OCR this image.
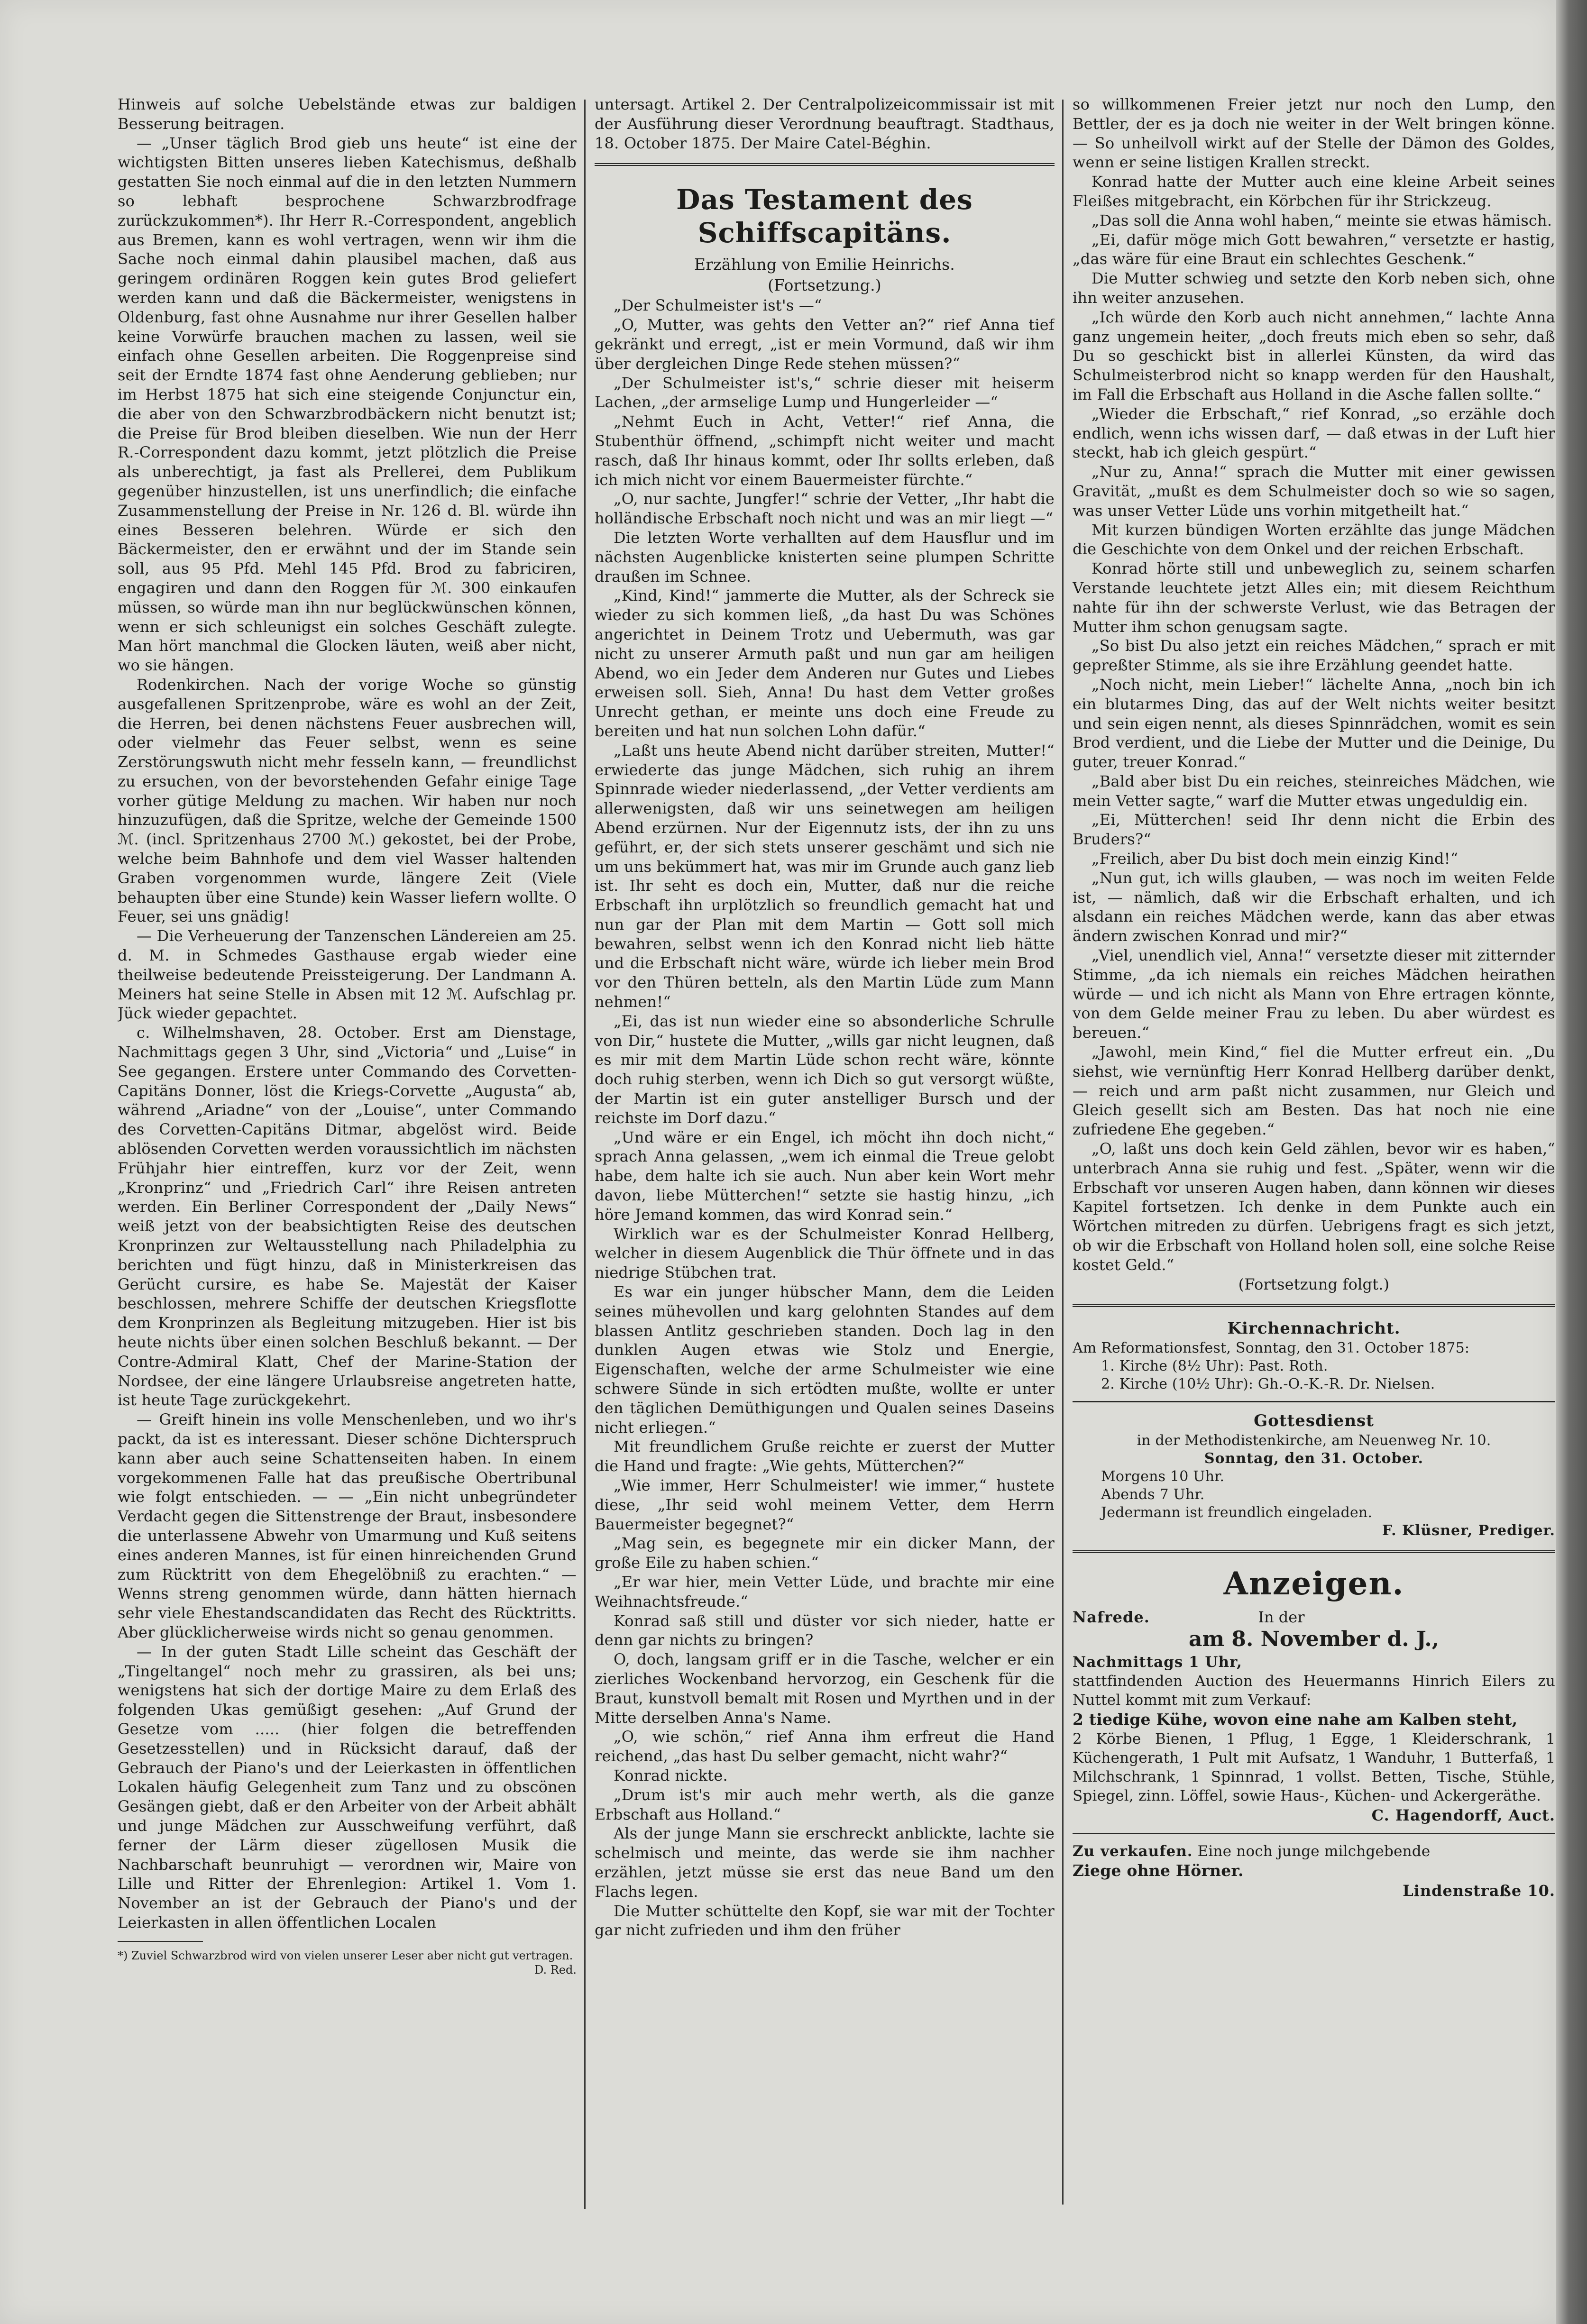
Hinweis auf solche Uebelstände etwas zur baldigen Besserung beitragen.

— „Unser täglich Brod gieb uns heute“ ist eine der wichtigsten Bitten unseres lieben Katechismus, deßhalb gestatten Sie noch einmal auf die in den letzten Nummern so lebhaft besprochene Schwarzbrodfrage zurückzukommen*). Ihr Herr R.-Correspondent, angeblich aus Bremen, kann es wohl vertragen, wenn wir ihm die Sache noch einmal dahin plausibel machen, daß aus geringem ordinären Roggen kein gutes Brod geliefert werden kann und daß die Bäckermeister, wenigstens in Oldenburg, fast ohne Ausnahme nur ihrer Gesellen halber keine Vorwürfe brauchen machen zu lassen, weil sie einfach ohne Gesellen arbeiten. Die Roggenpreise sind seit der Erndte 1874 fast ohne Aenderung geblieben; nur im Herbst 1875 hat sich eine steigende Conjunctur ein, die aber von den Schwarzbrodbäckern nicht benutzt ist; die Preise für Brod bleiben dieselben. Wie nun der Herr R.-Correspondent dazu kommt, jetzt plötzlich die Preise als unberechtigt, ja fast als Prellerei, dem Publikum gegenüber hinzustellen, ist uns unerfindlich; die einfache Zusammenstellung der Preise in Nr. 126 d. Bl. würde ihn eines Besseren belehren. Würde er sich den Bäckermeister, den er erwähnt und der im Stande sein soll, aus 95 Pfd. Mehl 145 Pfd. Brod zu fabriciren, engagiren und dann den Roggen für ℳ. 300 einkaufen müssen, so würde man ihn nur beglückwünschen können, wenn er sich schleunigst ein solches Geschäft zulegte. Man hört manchmal die Glocken läuten, weiß aber nicht, wo sie hängen.

Rodenkirchen. Nach der vorige Woche so günstig ausgefallenen Spritzenprobe, wäre es wohl an der Zeit, die Herren, bei denen nächstens Feuer ausbrechen will, oder vielmehr das Feuer selbst, wenn es seine Zerstörungswuth nicht mehr fesseln kann, — freundlichst zu ersuchen, von der bevorstehenden Gefahr einige Tage vorher gütige Meldung zu machen. Wir haben nur noch hinzuzufügen, daß die Spritze, welche der Gemeinde 1500 ℳ. (incl. Spritzenhaus 2700 ℳ.) gekostet, bei der Probe, welche beim Bahnhofe und dem viel Wasser haltenden Graben vorgenommen wurde, längere Zeit (Viele behaupten über eine Stunde) kein Wasser liefern wollte. O Feuer, sei uns gnädig!

— Die Verheuerung der Tanzenschen Ländereien am 25. d. M. in Schmedes Gasthause ergab wieder eine theilweise bedeutende Preissteigerung. Der Landmann A. Meiners hat seine Stelle in Absen mit 12 ℳ. Aufschlag pr. Jück wieder gepachtet.

c. Wilhelmshaven, 28. October. Erst am Dienstage, Nachmittags gegen 3 Uhr, sind „Victoria“ und „Luise“ in See gegangen. Erstere unter Commando des Corvetten-Capitäns Donner, löst die Kriegs-Corvette „Augusta“ ab, während „Ariadne“ von der „Louise“, unter Commando des Corvetten-Capitäns Ditmar, abgelöst wird. Beide ablösenden Corvetten werden voraussichtlich im nächsten Frühjahr hier eintreffen, kurz vor der Zeit, wenn „Kronprinz“ und „Friedrich Carl“ ihre Reisen antreten werden. Ein Berliner Correspondent der „Daily News“ weiß jetzt von der beabsichtigten Reise des deutschen Kronprinzen zur Weltausstellung nach Philadelphia zu berichten und fügt hinzu, daß in Ministerkreisen das Gerücht cursire, es habe Se. Majestät der Kaiser beschlossen, mehrere Schiffe der deutschen Kriegsflotte dem Kronprinzen als Begleitung mitzugeben. Hier ist bis heute nichts über einen solchen Beschluß bekannt. — Der Contre-Admiral Klatt, Chef der Marine-Station der Nordsee, der eine längere Urlaubsreise angetreten hatte, ist heute Tage zurückgekehrt.

— Greift hinein ins volle Menschenleben, und wo ihr's packt, da ist es interessant. Dieser schöne Dichterspruch kann aber auch seine Schattenseiten haben. In einem vorgekommenen Falle hat das preußische Obertribunal wie folgt entschieden. — — „Ein nicht unbegründeter Verdacht gegen die Sittenstrenge der Braut, insbesondere die unterlassene Abwehr von Umarmung und Kuß seitens eines anderen Mannes, ist für einen hinreichenden Grund zum Rücktritt von dem Ehegelöbniß zu erachten.“ — Wenns streng genommen würde, dann hätten hiernach sehr viele Ehestandscandidaten das Recht des Rücktritts. Aber glücklicherweise wirds nicht so genau genommen.

— In der guten Stadt Lille scheint das Geschäft der „Tingeltangel“ noch mehr zu grassiren, als bei uns; wenigstens hat sich der dortige Maire zu dem Erlaß des folgenden Ukas gemüßigt gesehen: „Auf Grund der Gesetze vom ..... (hier folgen die betreffenden Gesetzesstellen) und in Rücksicht darauf, daß der Gebrauch der Piano's und der Leierkasten in öffentlichen Lokalen häufig Gelegenheit zum Tanz und zu obscönen Gesängen giebt, daß er den Arbeiter von der Arbeit abhält und junge Mädchen zur Ausschweifung verführt, daß ferner der Lärm dieser zügellosen Musik die Nachbarschaft beunruhigt — verordnen wir, Maire von Lille und Ritter der Ehrenlegion: Artikel 1. Vom 1. November an ist der Gebrauch der Piano's und der Leierkasten in allen öffentlichen Localen

*) Zuviel Schwarzbrod wird von vielen unserer Leser aber nicht gut vertragen.
D. Red.

untersagt. Artikel 2. Der Centralpolizeicommissair ist mit der Ausführung dieser Verordnung beauftragt. Stadthaus, 18. October 1875. Der Maire Catel-Béghin.

Das Testament des Schiffscapitäns.

Erzählung von Emilie Heinrichs.

(Fortsetzung.)

„Der Schulmeister ist's —“

„O, Mutter, was gehts den Vetter an?“ rief Anna tief gekränkt und erregt, „ist er mein Vormund, daß wir ihm über dergleichen Dinge Rede stehen müssen?“

„Der Schulmeister ist's,“ schrie dieser mit heiserm Lachen, „der armselige Lump und Hungerleider —“

„Nehmt Euch in Acht, Vetter!“ rief Anna, die Stubenthür öffnend, „schimpft nicht weiter und macht rasch, daß Ihr hinaus kommt, oder Ihr sollts erleben, daß ich mich nicht vor einem Bauermeister fürchte.“

„O, nur sachte, Jungfer!“ schrie der Vetter, „Ihr habt die holländische Erbschaft noch nicht und was an mir liegt —“

Die letzten Worte verhallten auf dem Hausflur und im nächsten Augenblicke knisterten seine plumpen Schritte draußen im Schnee.

„Kind, Kind!“ jammerte die Mutter, als der Schreck sie wieder zu sich kommen ließ, „da hast Du was Schönes angerichtet in Deinem Trotz und Uebermuth, was gar nicht zu unserer Armuth paßt und nun gar am heiligen Abend, wo ein Jeder dem Anderen nur Gutes und Liebes erweisen soll. Sieh, Anna! Du hast dem Vetter großes Unrecht gethan, er meinte uns doch eine Freude zu bereiten und hat nun solchen Lohn dafür.“

„Laßt uns heute Abend nicht darüber streiten, Mutter!“ erwiederte das junge Mädchen, sich ruhig an ihrem Spinnrade wieder niederlassend, „der Vetter verdients am allerwenigsten, daß wir uns seinetwegen am heiligen Abend erzürnen. Nur der Eigennutz ists, der ihn zu uns geführt, er, der sich stets unserer geschämt und sich nie um uns bekümmert hat, was mir im Grunde auch ganz lieb ist. Ihr seht es doch ein, Mutter, daß nur die reiche Erbschaft ihn urplötzlich so freundlich gemacht hat und nun gar der Plan mit dem Martin — Gott soll mich bewahren, selbst wenn ich den Konrad nicht lieb hätte und die Erbschaft nicht wäre, würde ich lieber mein Brod vor den Thüren betteln, als den Martin Lüde zum Mann nehmen!“

„Ei, das ist nun wieder eine so absonderliche Schrulle von Dir,“ hustete die Mutter, „wills gar nicht leugnen, daß es mir mit dem Martin Lüde schon recht wäre, könnte doch ruhig sterben, wenn ich Dich so gut versorgt wüßte, der Martin ist ein guter anstelliger Bursch und der reichste im Dorf dazu.“

„Und wäre er ein Engel, ich möcht ihn doch nicht,“ sprach Anna gelassen, „wem ich einmal die Treue gelobt habe, dem halte ich sie auch. Nun aber kein Wort mehr davon, liebe Mütterchen!“ setzte sie hastig hinzu, „ich höre Jemand kommen, das wird Konrad sein.“

Wirklich war es der Schulmeister Konrad Hellberg, welcher in diesem Augenblick die Thür öffnete und in das niedrige Stübchen trat.

Es war ein junger hübscher Mann, dem die Leiden seines mühevollen und karg gelohnten Standes auf dem blassen Antlitz geschrieben standen. Doch lag in den dunklen Augen etwas wie Stolz und Energie, Eigenschaften, welche der arme Schulmeister wie eine schwere Sünde in sich ertödten mußte, wollte er unter den täglichen Demüthigungen und Qualen seines Daseins nicht erliegen.“

Mit freundlichem Gruße reichte er zuerst der Mutter die Hand und fragte: „Wie gehts, Mütterchen?“

„Wie immer, Herr Schulmeister! wie immer,“ hustete diese, „Ihr seid wohl meinem Vetter, dem Herrn Bauermeister begegnet?“

„Mag sein, es begegnete mir ein dicker Mann, der große Eile zu haben schien.“

„Er war hier, mein Vetter Lüde, und brachte mir eine Weihnachtsfreude.“

Konrad saß still und düster vor sich nieder, hatte er denn gar nichts zu bringen?

O, doch, langsam griff er in die Tasche, welcher er ein zierliches Wockenband hervorzog, ein Geschenk für die Braut, kunstvoll bemalt mit Rosen und Myrthen und in der Mitte derselben Anna's Name.

„O, wie schön,“ rief Anna ihm erfreut die Hand reichend, „das hast Du selber gemacht, nicht wahr?“

Konrad nickte.

„Drum ist's mir auch mehr werth, als die ganze Erbschaft aus Holland.“

Als der junge Mann sie erschreckt anblickte, lachte sie schelmisch und meinte, das werde sie ihm nachher erzählen, jetzt müsse sie erst das neue Band um den Flachs legen.

Die Mutter schüttelte den Kopf, sie war mit der Tochter gar nicht zufrieden und ihm den früher

so willkommenen Freier jetzt nur noch den Lump, den Bettler, der es ja doch nie weiter in der Welt bringen könne. — So unheilvoll wirkt auf der Stelle der Dämon des Goldes, wenn er seine listigen Krallen streckt.

Konrad hatte der Mutter auch eine kleine Arbeit seines Fleißes mitgebracht, ein Körbchen für ihr Strickzeug.

„Das soll die Anna wohl haben,“ meinte sie etwas hämisch.

„Ei, dafür möge mich Gott bewahren,“ versetzte er hastig, „das wäre für eine Braut ein schlechtes Geschenk.“

Die Mutter schwieg und setzte den Korb neben sich, ohne ihn weiter anzusehen.

„Ich würde den Korb auch nicht annehmen,“ lachte Anna ganz ungemein heiter, „doch freuts mich eben so sehr, daß Du so geschickt bist in allerlei Künsten, da wird das Schulmeisterbrod nicht so knapp werden für den Haushalt, im Fall die Erbschaft aus Holland in die Asche fallen sollte.“

„Wieder die Erbschaft,“ rief Konrad, „so erzähle doch endlich, wenn ichs wissen darf, — daß etwas in der Luft hier steckt, hab ich gleich gespürt.“

„Nur zu, Anna!“ sprach die Mutter mit einer gewissen Gravität, „mußt es dem Schulmeister doch so wie so sagen, was unser Vetter Lüde uns vorhin mitgetheilt hat.“

Mit kurzen bündigen Worten erzählte das junge Mädchen die Geschichte von dem Onkel und der reichen Erbschaft.

Konrad hörte still und unbeweglich zu, seinem scharfen Verstande leuchtete jetzt Alles ein; mit diesem Reichthum nahte für ihn der schwerste Verlust, wie das Betragen der Mutter ihm schon genugsam sagte.

„So bist Du also jetzt ein reiches Mädchen,“ sprach er mit gepreßter Stimme, als sie ihre Erzählung geendet hatte.

„Noch nicht, mein Lieber!“ lächelte Anna, „noch bin ich ein blutarmes Ding, das auf der Welt nichts weiter besitzt und sein eigen nennt, als dieses Spinnrädchen, womit es sein Brod verdient, und die Liebe der Mutter und die Deinige, Du guter, treuer Konrad.“

„Bald aber bist Du ein reiches, steinreiches Mädchen, wie mein Vetter sagte,“ warf die Mutter etwas ungeduldig ein.

„Ei, Mütterchen! seid Ihr denn nicht die Erbin des Bruders?“

„Freilich, aber Du bist doch mein einzig Kind!“

„Nun gut, ich wills glauben, — was noch im weiten Felde ist, — nämlich, daß wir die Erbschaft erhalten, und ich alsdann ein reiches Mädchen werde, kann das aber etwas ändern zwischen Konrad und mir?“

„Viel, unendlich viel, Anna!“ versetzte dieser mit zitternder Stimme, „da ich niemals ein reiches Mädchen heirathen würde — und ich nicht als Mann von Ehre ertragen könnte, von dem Gelde meiner Frau zu leben. Du aber würdest es bereuen.“

„Jawohl, mein Kind,“ fiel die Mutter erfreut ein. „Du siehst, wie vernünftig Herr Konrad Hellberg darüber denkt, — reich und arm paßt nicht zusammen, nur Gleich und Gleich gesellt sich am Besten. Das hat noch nie eine zufriedene Ehe gegeben.“

„O, laßt uns doch kein Geld zählen, bevor wir es haben,“ unterbrach Anna sie ruhig und fest. „Später, wenn wir die Erbschaft vor unseren Augen haben, dann können wir dieses Kapitel fortsetzen. Ich denke in dem Punkte auch ein Wörtchen mitreden zu dürfen. Uebrigens fragt es sich jetzt, ob wir die Erbschaft von Holland holen soll, eine solche Reise kostet Geld.“

(Fortsetzung folgt.)

Kirchennachricht.

Am Reformationsfest, Sonntag, den 31. October 1875:

1. Kirche (8½ Uhr): Past. Roth.

2. Kirche (10½ Uhr): Gh.-O.-K.-R. Dr. Nielsen.

Gottesdienst

in der Methodistenkirche, am Neuenweg Nr. 10.

Sonntag, den 31. October.

Morgens 10 Uhr.

Abends 7 Uhr.

Jedermann ist freundlich eingeladen.

F. Klüsner, Prediger.

Anzeigen.
Nafrede.	In der
am 8. November d. J.,

Nachmittags 1 Uhr,

stattfindenden Auction des Heuermanns Hinrich Eilers zu Nuttel kommt mit zum Verkauf:

2 tiedige Kühe, wovon eine nahe am Kalben steht,

2 Körbe Bienen, 1 Pflug, 1 Egge, 1 Kleiderschrank, 1 Küchengerath, 1 Pult mit Aufsatz, 1 Wanduhr, 1 Butterfaß, 1 Milchschrank, 1 Spinnrad, 1 vollst. Betten, Tische, Stühle, Spiegel, zinn. Löffel, sowie Haus-, Küchen- und Ackergeräthe.

C. Hagendorff, Auct.

Zu verkaufen. Eine noch junge milchgebende

Ziege ohne Hörner.

Lindenstraße 10.
